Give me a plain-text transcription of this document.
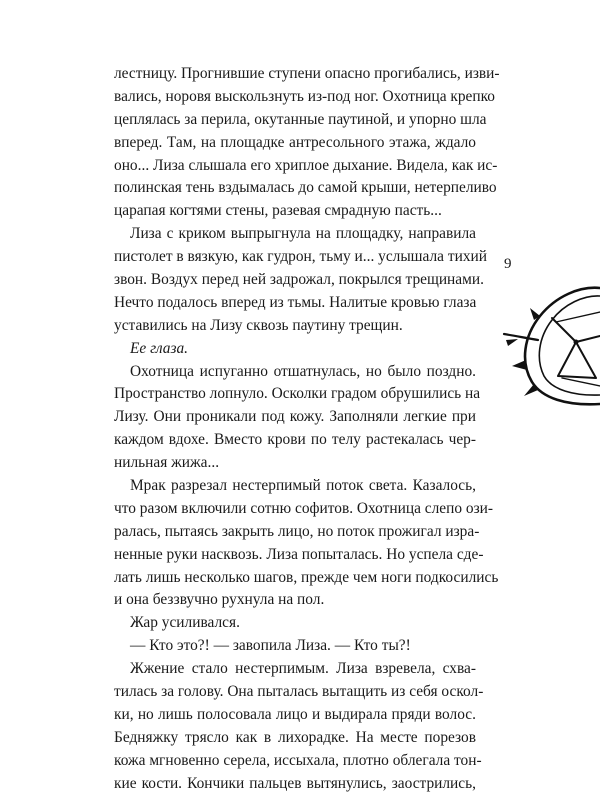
лестницу. Прогнившие ступени опасно прогибались, изви-
вались, норовя выскользнуть из-под ног. Охотница крепко
цеплялась за перила, окутанные паутиной, и упорно шла
вперед. Там, на площадке антресольного этажа, ждало
оно... Лиза слышала его хриплое дыхание. Видела, как ис-
полинская тень вздымалась до самой крыши, нетерпеливо
царапая когтями стены, разевая смрадную пасть...
Лиза с криком выпрыгнула на площадку, направила
пистолет в вязкую, как гудрон, тьму и... услышала тихий
звон. Воздух перед ней задрожал, покрылся трещинами.
Нечто подалось вперед из тьмы. Налитые кровью глаза
уставились на Лизу сквозь паутину трещин.
Ее глаза.
Охотница испуганно отшатнулась, но было поздно.
Пространство лопнуло. Осколки градом обрушились на
Лизу. Они проникали под кожу. Заполняли легкие при
каждом вдохе. Вместо крови по телу растекалась чер-
нильная жижа...
Мрак разрезал нестерпимый поток света. Казалось,
что разом включили сотню софитов. Охотница слепо ози-
ралась, пытаясь закрыть лицо, но поток прожигал изра-
ненные руки насквозь. Лиза попыталась. Но успела сде-
лать лишь несколько шагов, прежде чем ноги подкосились
и она беззвучно рухнула на пол.
Жар усиливался.
— Кто это?! — завопила Лиза. — Кто ты?!
Жжение стало нестерпимым. Лиза взревела, схва-
тилась за голову. Она пыталась вытащить из себя оскол-
ки, но лишь полосовала лицо и выдирала пряди волос.
Бедняжку трясло как в лихорадке. На месте порезов
кожа мгновенно серела, иссыхала, плотно облегала тон-
кие кости. Кончики пальцев вытянулись, заострились,
9
